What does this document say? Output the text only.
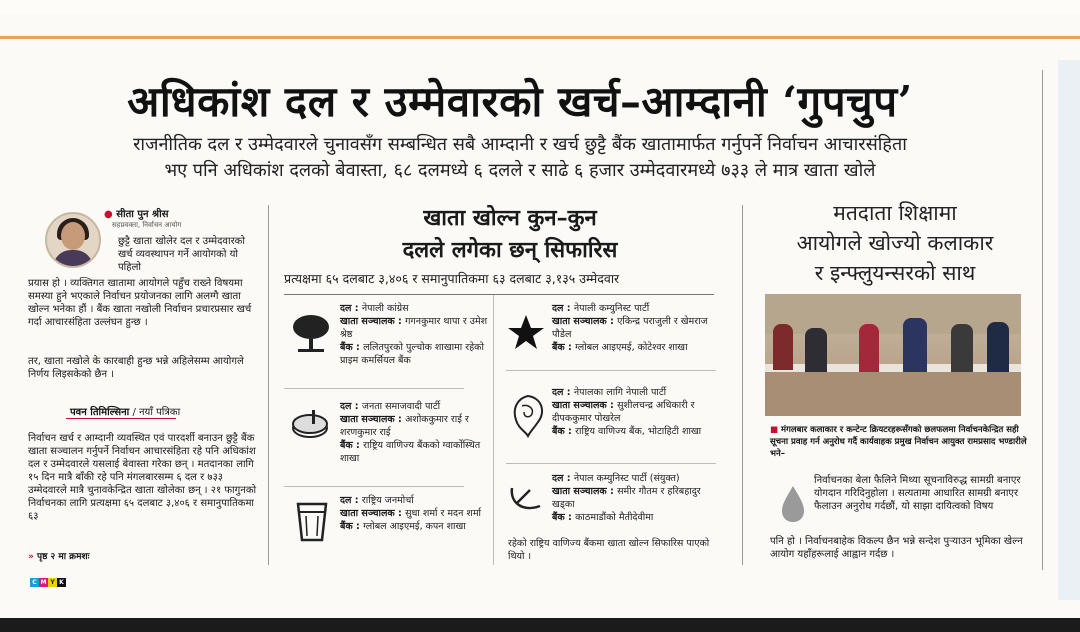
अधिकांश दल र उम्मेवारको खर्च–आम्दानी ‘गुपचुप’
राजनीतिक दल र उम्मेदवारले चुनावसँग सम्बन्धित सबै आम्दानी र खर्च छुट्टै बैंक खातामार्फत गर्नुपर्ने निर्वाचन आचारसंहिता
भए पनि अधिकांश दलको बेवास्ता, ६८ दलमध्ये ६ दलले र साढे ६ हजार उम्मेदवारमध्ये ७३३ ले मात्र खाता खोले
● सीता पुन श्रीस
सहप्रवक्ता, निर्वाचन आयोग
छुट्टै खाता खोलेर दल र उम्मेदवारको खर्च व्यवस्थापन गर्ने आयोगको यो पहिलो
प्रयास हो । व्यक्तिगत खातामा आयोगले पहुँच राख्ने विषयमा समस्या हुने भएकाले निर्वाचन प्रयोजनका लागि अलग्गै खाता खोल्न भनेका हौं । बैंक खाता नखोली निर्वाचन प्रचारप्रसार खर्च गर्दा आचारसंहिता उल्लंघन हुन्छ ।
तर, खाता नखोले के कारबाही हुन्छ भन्ने अहिलेसम्म आयोगले निर्णय लिइसकेको छैन ।
पवन तिमिल्सिना / नयाँ पत्रिका
निर्वाचन खर्च र आम्दानी व्यवस्थित एवं पारदर्शी बनाउन छुट्टै बैंक खाता सञ्चालन गर्नुपर्ने निर्वाचन आचारसंहिता रहे पनि अधिकांश दल र उम्मेदवारले यसलाई बेवास्ता गरेका छन् । मतदानका लागि १५ दिन मात्रै बाँकी रहे पनि मंगलबारसम्म ६ दल र ७३३ उम्मेदवारले मात्रै चुनावकेन्द्रित खाता खोलेका छन् । २१ फागुनको निर्वाचनका लागि प्रत्यक्षमा ६५ दलबाट ३,४०६ र समानुपातिकमा ६३
» पृष्ठ २ मा क्रमशः
C M Y K
खाता खोल्न कुन–कुन
दलले लगेका छन् सिफारिस
प्रत्यक्षमा ६५ दलबाट ३,४०६ र समानुपातिकमा ६३ दलबाट ३,१३५ उम्मेदवार
दल : नेपाली कांग्रेस
खाता सञ्चालक : गगनकुमार थापा र उमेश श्रेष्ठ
बैंक : ललितपुरको पुल्चोक शाखामा रहेको प्राइम कमर्सियल बैंक
दल : जनता समाजवादी पार्टी
खाता सञ्चालक : अशोककुमार राई र शरणकुमार राई
बैंक : राष्ट्रिय वाणिज्य बैंकको ग्वार्कोस्थित शाखा
दल : राष्ट्रिय जनमोर्चा
खाता सञ्चालक : सुधा शर्मा र मदन शर्मा
बैंक : ग्लोबल आइएमई, कपन शाखा
दल : नेपाली कम्युनिस्ट पार्टी
खाता सञ्चालक : एकिन्द्र पराजुली र खेमराज पौडेल
बैंक : ग्लोबल आइएमई, कोटेश्वर शाखा
दल : नेपालका लागि नेपाली पार्टी
खाता सञ्चालक : सुशीलचन्द्र अधिकारी र दीपककुमार पोखरेल
बैंक : राष्ट्रिय वाणिज्य बैंक, भोटाहिटी शाखा
दल : नेपाल कम्युनिस्ट पार्टी (संयुक्त)
खाता सञ्चालक : समीर गौतम र हरिबहादुर खड्का
बैंक : काठमाडौंको मैतीदेवीमा
रहेको राष्ट्रिय वाणिज्य बैंकमा खाता खोल्न सिफारिस पाएको थियो ।
मतदाता शिक्षामा
आयोगले खोज्यो कलाकार
र इन्फ्लुयन्सरको साथ
■ मंगलबार कलाकार र कन्टेन्ट क्रियटरहरूसँगको छलफलमा निर्वाचनकेन्द्रित सही सूचना प्रवाह गर्न अनुरोध गर्दै कार्यवाहक प्रमुख निर्वाचन आयुक्त रामप्रसाद भण्डारीले भने–
निर्वाचनका बेला फैलिने मिथ्या सूचनाविरुद्ध सामग्री बनाएर योगदान गरिदिनुहोला । सत्यतामा आधारित सामग्री बनाएर फैलाउन अनुरोध गर्दछौं, यो साझा दायित्वको विषय
पनि हो । निर्वाचनबाहेक विकल्प छैन भन्ने सन्देश पुऱ्याउन भूमिका खेल्न आयोग यहाँहरूलाई आह्वान गर्दछ ।
